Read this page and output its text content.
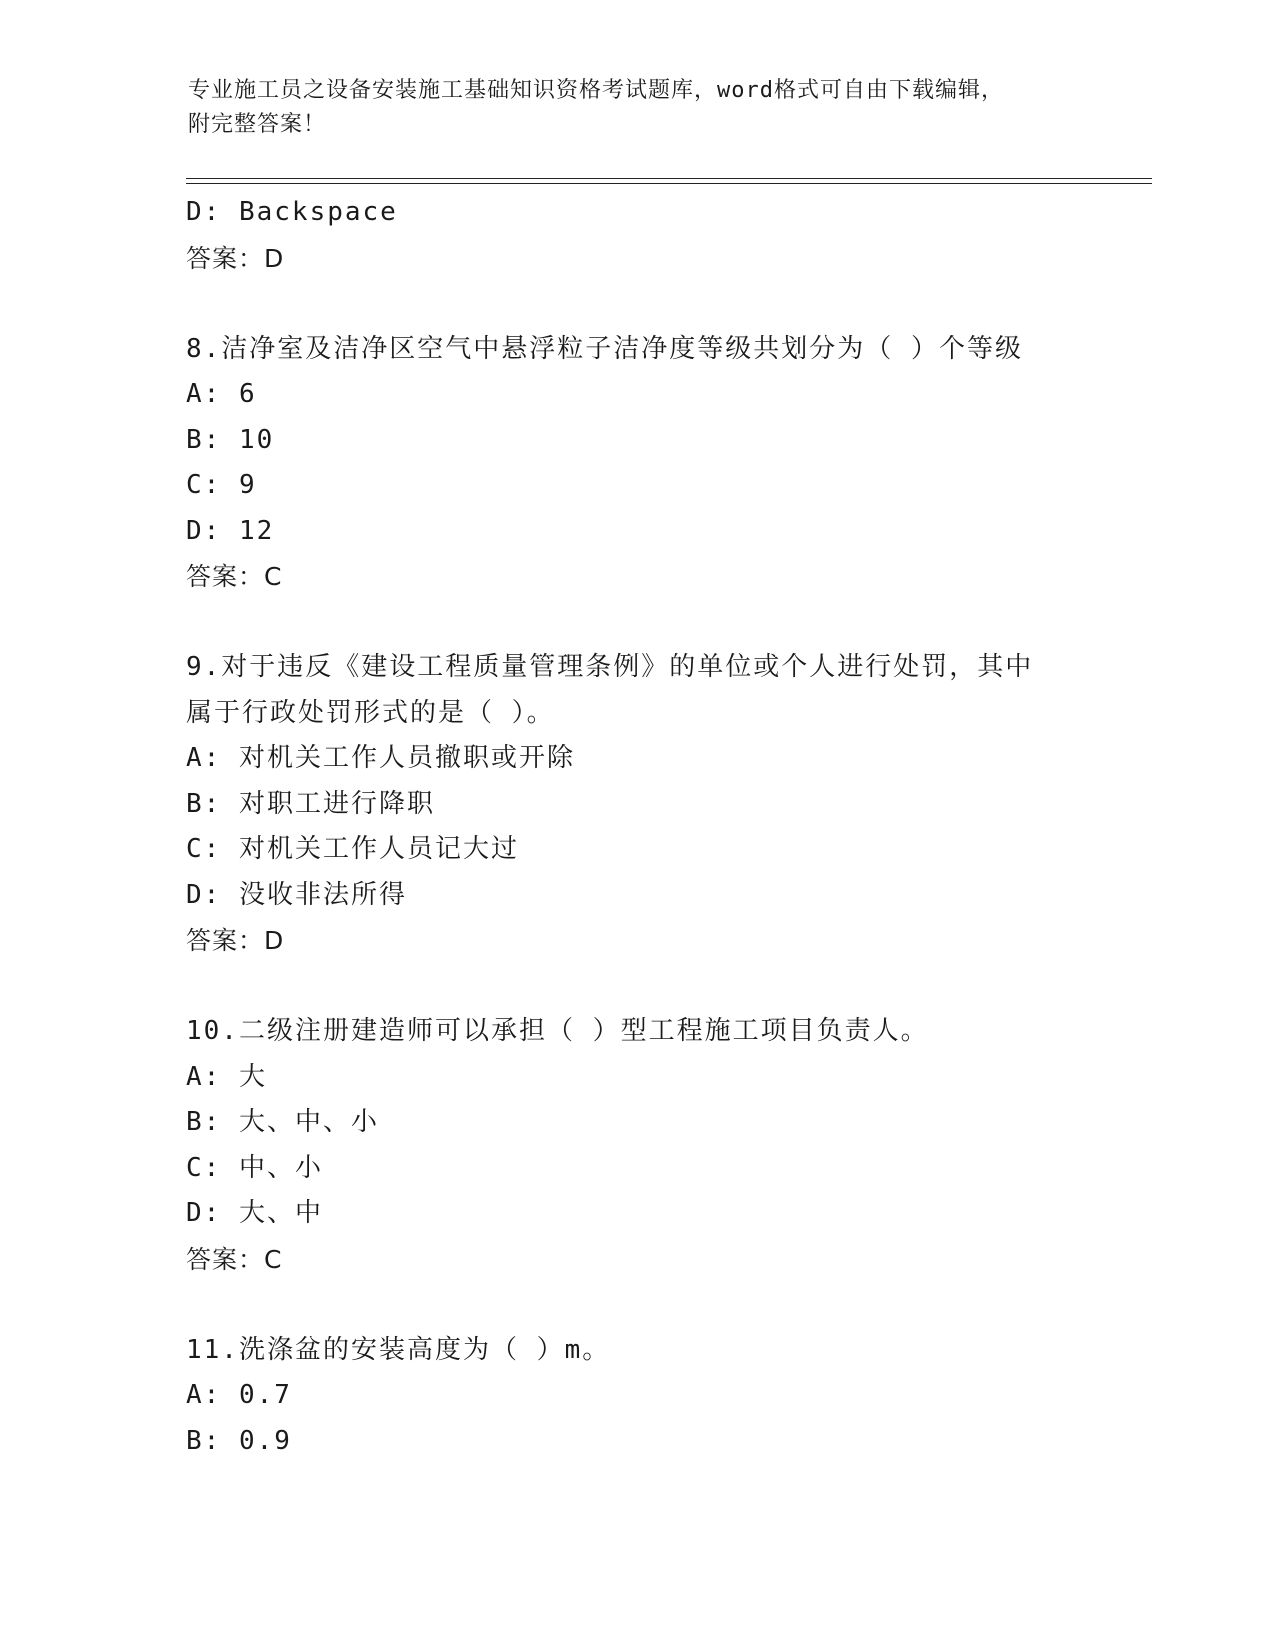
专业施工员之设备安装施工基础知识资格考试题库，word格式可自由下载编辑，
附完整答案！
D: Backspace
答案：D
8.洁净室及洁净区空气中悬浮粒子洁净度等级共划分为（ ）个等级
A: 6
B: 10
C: 9
D: 12
答案：C
9.对于违反《建设工程质量管理条例》的单位或个人进行处罚，其中
属于行政处罚形式的是（ ）。
A: 对机关工作人员撤职或开除
B: 对职工进行降职
C: 对机关工作人员记大过
D: 没收非法所得
答案：D
10.二级注册建造师可以承担（ ）型工程施工项目负责人。
A: 大
B: 大、中、小
C: 中、小
D: 大、中
答案：C
11.洗涤盆的安装高度为（ ）m。
A: 0.7
B: 0.9
